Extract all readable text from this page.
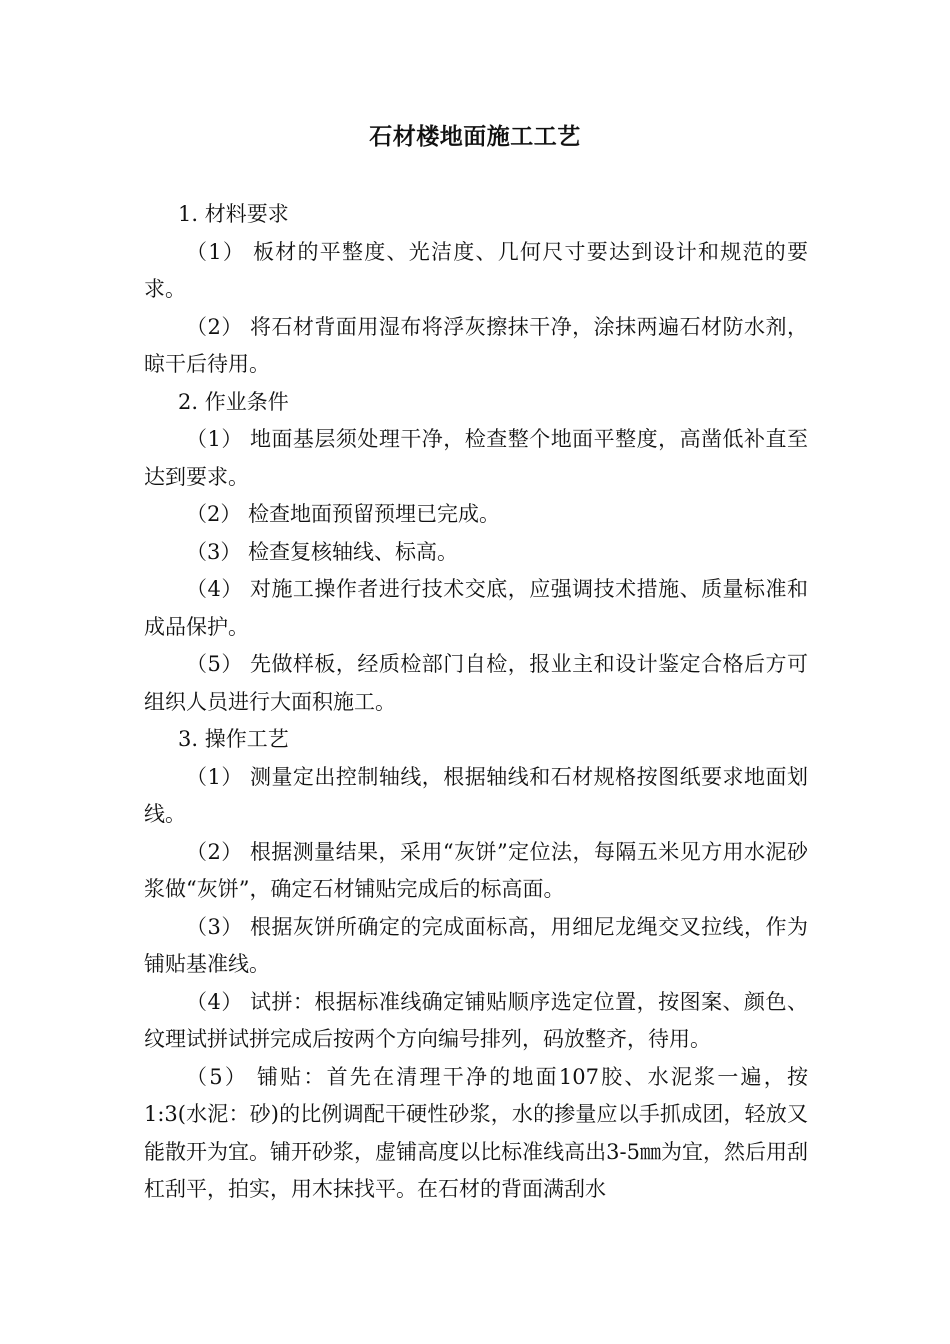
石材楼地面施工工艺

1. 材料要求

（1） 板材的平整度、光洁度、几何尺寸要达到设计和规范的要求。

（2） 将石材背面用湿布将浮灰擦抹干净，涂抹两遍石材防水剂，晾干后待用。

2. 作业条件

（1） 地面基层须处理干净，检查整个地面平整度，高凿低补直至达到要求。

（2） 检查地面预留预埋已完成。

（3） 检查复核轴线、标高。

（4） 对施工操作者进行技术交底，应强调技术措施、质量标准和成品保护。

（5） 先做样板，经质检部门自检，报业主和设计鉴定合格后方可组织人员进行大面积施工。

3. 操作工艺

（1） 测量定出控制轴线，根据轴线和石材规格按图纸要求地面划线。

（2） 根据测量结果，采用“灰饼”定位法，每隔五米见方用水泥砂浆做“灰饼”，确定石材铺贴完成后的标高面。

（3） 根据灰饼所确定的完成面标高，用细尼龙绳交叉拉线，作为铺贴基准线。

（4） 试拼：根据标准线确定铺贴顺序选定位置，按图案、颜色、纹理试拼试拼完成后按两个方向编号排列，码放整齐，待用。

（5） 铺贴：首先在清理干净的地面107胶、水泥浆一遍，按1:3(水泥：砂)的比例调配干硬性砂浆，水的掺量应以手抓成团，轻放又能散开为宜。铺开砂浆，虚铺高度以比标准线高出3-5㎜为宜，然后用刮杠刮平，拍实，用木抹找平。在石材的背面满刮水
